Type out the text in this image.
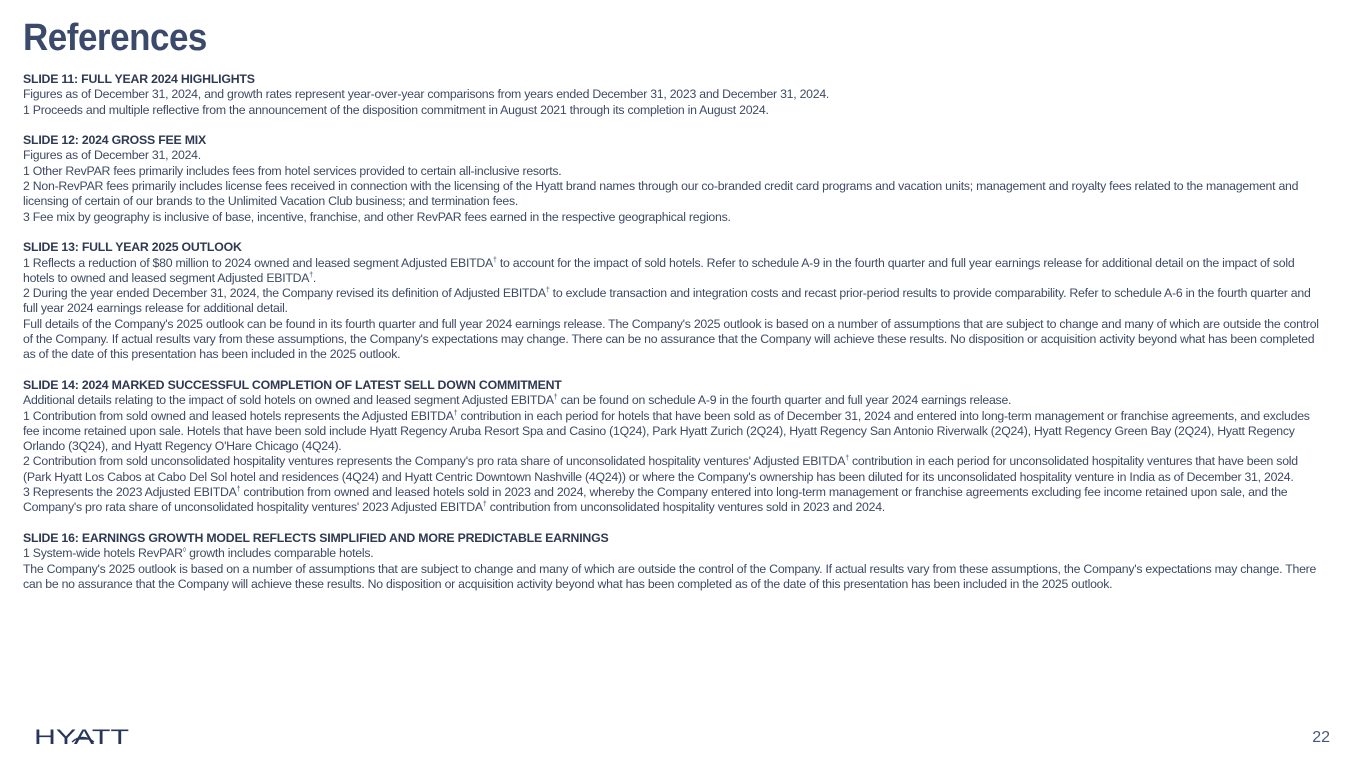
References
SLIDE 11: FULL YEAR 2024 HIGHLIGHTS

Figures as of December 31, 2024, and growth rates represent year-over-year comparisons from years ended December 31, 2023 and December 31, 2024.

1 Proceeds and multiple reflective from the announcement of the disposition commitment in August 2021 through its completion in August 2024.

SLIDE 12: 2024 GROSS FEE MIX

Figures as of December 31, 2024.

1 Other RevPAR fees primarily includes fees from hotel services provided to certain all-inclusive resorts.

2 Non-RevPAR fees primarily includes license fees received in connection with the licensing of the Hyatt brand names through our co-branded credit card programs and vacation units; management and royalty fees related to the management and licensing of certain of our brands to the Unlimited Vacation Club business; and termination fees.

3 Fee mix by geography is inclusive of base, incentive, franchise, and other RevPAR fees earned in the respective geographical regions.

SLIDE 13: FULL YEAR 2025 OUTLOOK

1 Reflects a reduction of $80 million to 2024 owned and leased segment Adjusted EBITDA† to account for the impact of sold hotels. Refer to schedule A-9 in the fourth quarter and full year earnings release for additional detail on the impact of sold hotels to owned and leased segment Adjusted EBITDA†.

2 During the year ended December 31, 2024, the Company revised its definition of Adjusted EBITDA† to exclude transaction and integration costs and recast prior-period results to provide comparability. Refer to schedule A-6 in the fourth quarter and full year 2024 earnings release for additional detail.

Full details of the Company's 2025 outlook can be found in its fourth quarter and full year 2024 earnings release. The Company's 2025 outlook is based on a number of assumptions that are subject to change and many of which are outside the control of the Company. If actual results vary from these assumptions, the Company's expectations may change. There can be no assurance that the Company will achieve these results. No disposition or acquisition activity beyond what has been completed as of the date of this presentation has been included in the 2025 outlook.

SLIDE 14: 2024 MARKED SUCCESSFUL COMPLETION OF LATEST SELL DOWN COMMITMENT

Additional details relating to the impact of sold hotels on owned and leased segment Adjusted EBITDA† can be found on schedule A-9 in the fourth quarter and full year 2024 earnings release.

1 Contribution from sold owned and leased hotels represents the Adjusted EBITDA† contribution in each period for hotels that have been sold as of December 31, 2024 and entered into long-term management or franchise agreements, and excludes fee income retained upon sale. Hotels that have been sold include Hyatt Regency Aruba Resort Spa and Casino (1Q24), Park Hyatt Zurich (2Q24), Hyatt Regency San Antonio Riverwalk (2Q24), Hyatt Regency Green Bay (2Q24), Hyatt Regency Orlando (3Q24), and Hyatt Regency O'Hare Chicago (4Q24).

2 Contribution from sold unconsolidated hospitality ventures represents the Company's pro rata share of unconsolidated hospitality ventures' Adjusted EBITDA† contribution in each period for unconsolidated hospitality ventures that have been sold (Park Hyatt Los Cabos at Cabo Del Sol hotel and residences (4Q24) and Hyatt Centric Downtown Nashville (4Q24)) or where the Company's ownership has been diluted for its unconsolidated hospitality venture in India as of December 31, 2024.

3 Represents the 2023 Adjusted EBITDA† contribution from owned and leased hotels sold in 2023 and 2024, whereby the Company entered into long-term management or franchise agreements excluding fee income retained upon sale, and the Company's pro rata share of unconsolidated hospitality ventures' 2023 Adjusted EBITDA† contribution from unconsolidated hospitality ventures sold in 2023 and 2024.

SLIDE 16: EARNINGS GROWTH MODEL REFLECTS SIMPLIFIED AND MORE PREDICTABLE EARNINGS

1 System-wide hotels RevPAR◊ growth includes comparable hotels.

The Company's 2025 outlook is based on a number of assumptions that are subject to change and many of which are outside the control of the Company. If actual results vary from these assumptions, the Company's expectations may change. There can be no assurance that the Company will achieve these results. No disposition or acquisition activity beyond what has been completed as of the date of this presentation has been included in the 2025 outlook.

HYATT	22
